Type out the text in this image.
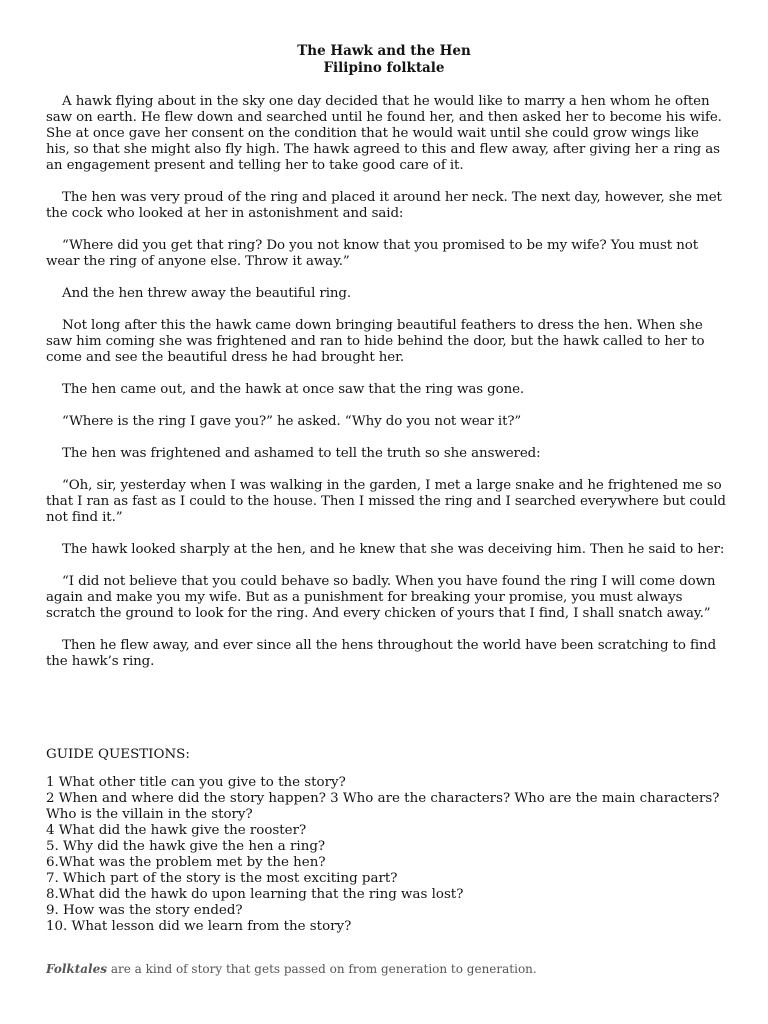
The Hawk and the Hen
Filipino folktale

A hawk flying about in the sky one day decided that he would like to marry a hen whom he often saw on earth. He flew down and searched until he found her, and then asked her to become his wife. She at once gave her consent on the condition that he would wait until she could grow wings like his, so that she might also fly high. The hawk agreed to this and flew away, after giving her a ring as an engagement present and telling her to take good care of it.

The hen was very proud of the ring and placed it around her neck. The next day, however, she met the cock who looked at her in astonishment and said:

“Where did you get that ring? Do you not know that you promised to be my wife? You must not wear the ring of anyone else. Throw it away.”

And the hen threw away the beautiful ring.

Not long after this the hawk came down bringing beautiful feathers to dress the hen. When she saw him coming she was frightened and ran to hide behind the door, but the hawk called to her to come and see the beautiful dress he had brought her.

The hen came out, and the hawk at once saw that the ring was gone.

“Where is the ring I gave you?” he asked. “Why do you not wear it?”

The hen was frightened and ashamed to tell the truth so she answered:

“Oh, sir, yesterday when I was walking in the garden, I met a large snake and he frightened me so that I ran as fast as I could to the house. Then I missed the ring and I searched everywhere but could not find it.”

The hawk looked sharply at the hen, and he knew that she was deceiving him. Then he said to her:

“I did not believe that you could behave so badly. When you have found the ring I will come down again and make you my wife. But as a punishment for breaking your promise, you must always scratch the ground to look for the ring. And every chicken of yours that I find, I shall snatch away.”

Then he flew away, and ever since all the hens throughout the world have been scratching to find the hawk’s ring.

GUIDE QUESTIONS:
1 What other title can you give to the story?
2 When and where did the story happen? 3 Who are the characters? Who are the main characters? Who is the villain in the story?
4 What did the hawk give the rooster?
5. Why did the hawk give the hen a ring?
6.What was the problem met by the hen?
7. Which part of the story is the most exciting part?
8.What did the hawk do upon learning that the ring was lost?
9. How was the story ended?
10. What lesson did we learn from the story?
Folktales are a kind of story that gets passed on from generation to generation.
